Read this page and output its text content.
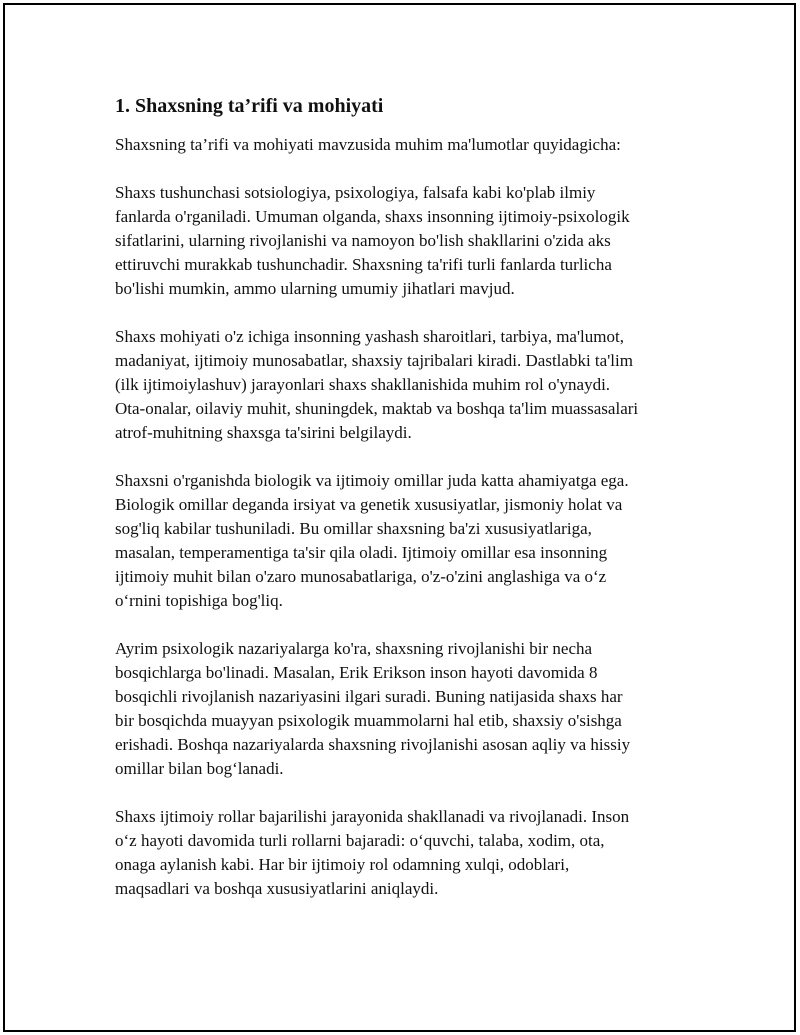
1. Shaxsning ta’rifi va mohiyati

Shaxsning ta’rifi va mohiyati mavzusida muhim ma'lumotlar quyidagicha:

Shaxs tushunchasi sotsiologiya, psixologiya, falsafa kabi ko'plab ilmiy
fanlarda o'rganiladi. Umuman olganda, shaxs insonning ijtimoiy-psixologik
sifatlarini, ularning rivojlanishi va namoyon bo'lish shakllarini o'zida aks
ettiruvchi murakkab tushunchadir. Shaxsning ta'rifi turli fanlarda turlicha
bo'lishi mumkin, ammo ularning umumiy jihatlari mavjud.

Shaxs mohiyati o'z ichiga insonning yashash sharoitlari, tarbiya, ma'lumot,
madaniyat, ijtimoiy munosabatlar, shaxsiy tajribalari kiradi. Dastlabki ta'lim
(ilk ijtimoiylashuv) jarayonlari shaxs shakllanishida muhim rol o'ynaydi.
Ota-onalar, oilaviy muhit, shuningdek, maktab va boshqa ta'lim muassasalari
atrof-muhitning shaxsga ta'sirini belgilaydi.

Shaxsni o'rganishda biologik va ijtimoiy omillar juda katta ahamiyatga ega.
Biologik omillar deganda irsiyat va genetik xususiyatlar, jismoniy holat va
sog'liq kabilar tushuniladi. Bu omillar shaxsning ba'zi xususiyatlariga,
masalan, temperamentiga ta'sir qila oladi. Ijtimoiy omillar esa insonning
ijtimoiy muhit bilan o'zaro munosabatlariga, o'z-o'zini anglashiga va o‘z
o‘rnini topishiga bog'liq.

Ayrim psixologik nazariyalarga ko'ra, shaxsning rivojlanishi bir necha
bosqichlarga bo'linadi. Masalan, Erik Erikson inson hayoti davomida 8
bosqichli rivojlanish nazariyasini ilgari suradi. Buning natijasida shaxs har
bir bosqichda muayyan psixologik muammolarni hal etib, shaxsiy o'sishga
erishadi. Boshqa nazariyalarda shaxsning rivojlanishi asosan aqliy va hissiy
omillar bilan bog‘lanadi.

Shaxs ijtimoiy rollar bajarilishi jarayonida shakllanadi va rivojlanadi. Inson
o‘z hayoti davomida turli rollarni bajaradi: o‘quvchi, talaba, xodim, ota,
onaga aylanish kabi. Har bir ijtimoiy rol odamning xulqi, odoblari,
maqsadlari va boshqa xususiyatlarini aniqlaydi.
